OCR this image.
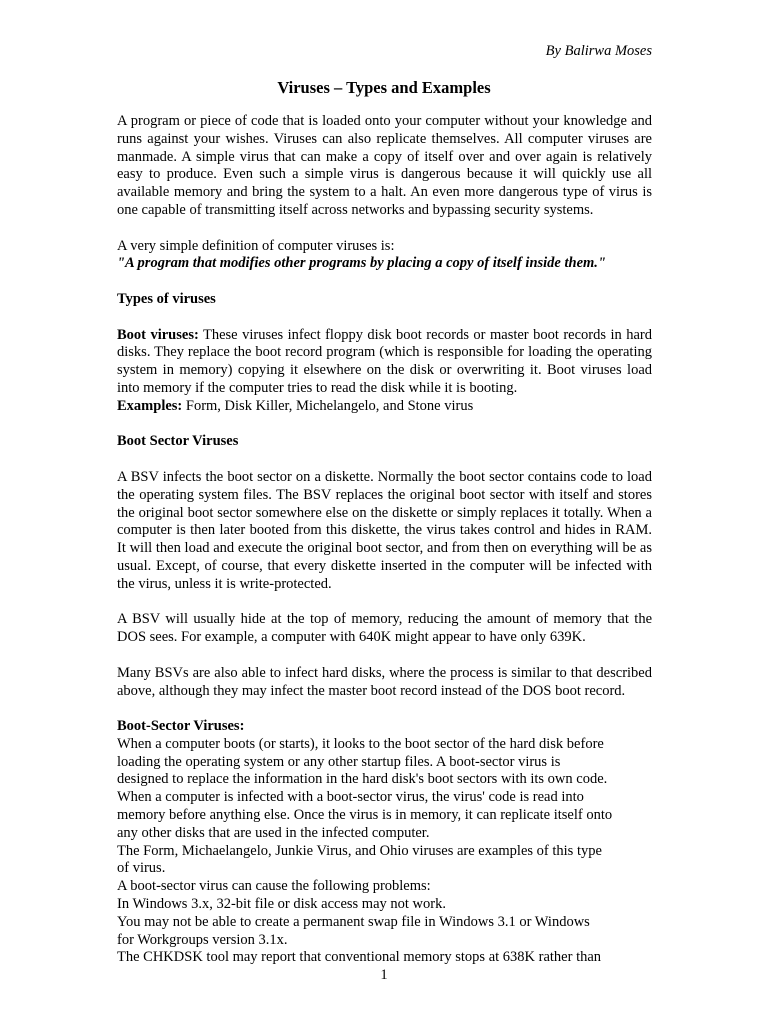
By Balirwa Moses
Viruses – Types and Examples

A program or piece of code that is loaded onto your computer without your knowledge and runs against your wishes. Viruses can also replicate themselves. All computer viruses are manmade. A simple virus that can make a copy of itself over and over again is relatively easy to produce. Even such a simple virus is dangerous because it will quickly use all available memory and bring the system to a halt. An even more dangerous type of virus is one capable of transmitting itself across networks and bypassing security systems.

A very simple definition of computer viruses is:
"A program that modifies other programs by placing a copy of itself inside them."

Types of viruses

Boot viruses: These viruses infect floppy disk boot records or master boot records in hard disks. They replace the boot record program (which is responsible for loading the operating system in memory) copying it elsewhere on the disk or overwriting it. Boot viruses load into memory if the computer tries to read the disk while it is booting.
Examples: Form, Disk Killer, Michelangelo, and Stone virus

Boot Sector Viruses

A BSV infects the boot sector on a diskette. Normally the boot sector contains code to load the operating system files. The BSV replaces the original boot sector with itself and stores the original boot sector somewhere else on the diskette or simply replaces it totally. When a computer is then later booted from this diskette, the virus takes control and hides in RAM. It will then load and execute the original boot sector, and from then on everything will be as usual. Except, of course, that every diskette inserted in the computer will be infected with the virus, unless it is write-protected.

A BSV will usually hide at the top of memory, reducing the amount of memory that the DOS sees. For example, a computer with 640K might appear to have only 639K.

Many BSVs are also able to infect hard disks, where the process is similar to that described above, although they may infect the master boot record instead of the DOS boot record.

Boot-Sector Viruses:
When a computer boots (or starts), it looks to the boot sector of the hard disk before
loading the operating system or any other startup files. A boot-sector virus is
designed to replace the information in the hard disk's boot sectors with its own code.
When a computer is infected with a boot-sector virus, the virus' code is read into
memory before anything else. Once the virus is in memory, it can replicate itself onto
any other disks that are used in the infected computer.
The Form, Michaelangelo, Junkie Virus, and Ohio viruses are examples of this type
of virus.
A boot-sector virus can cause the following problems:
In Windows 3.x, 32-bit file or disk access may not work.
You may not be able to create a permanent swap file in Windows 3.1 or Windows
for Workgroups version 3.1x.
The CHKDSK tool may report that conventional memory stops at 638K rather than
1
